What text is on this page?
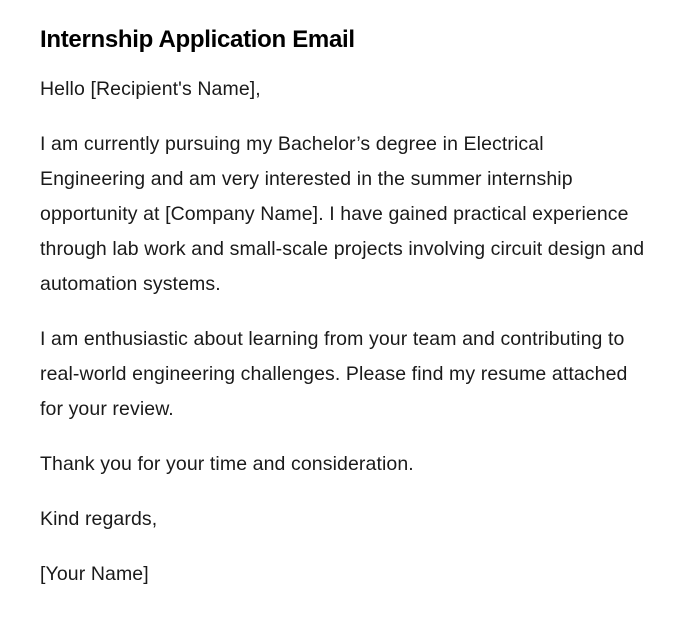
Internship Application Email

Hello [Recipient's Name],

I am currently pursuing my Bachelor’s degree in Electrical Engineering and am very interested in the summer internship opportunity at [Company Name]. I have gained practical experience through lab work and small-scale projects involving circuit design and automation systems.

I am enthusiastic about learning from your team and contributing to real-world engineering challenges. Please find my resume attached for your review.

Thank you for your time and consideration.

Kind regards,

[Your Name]
